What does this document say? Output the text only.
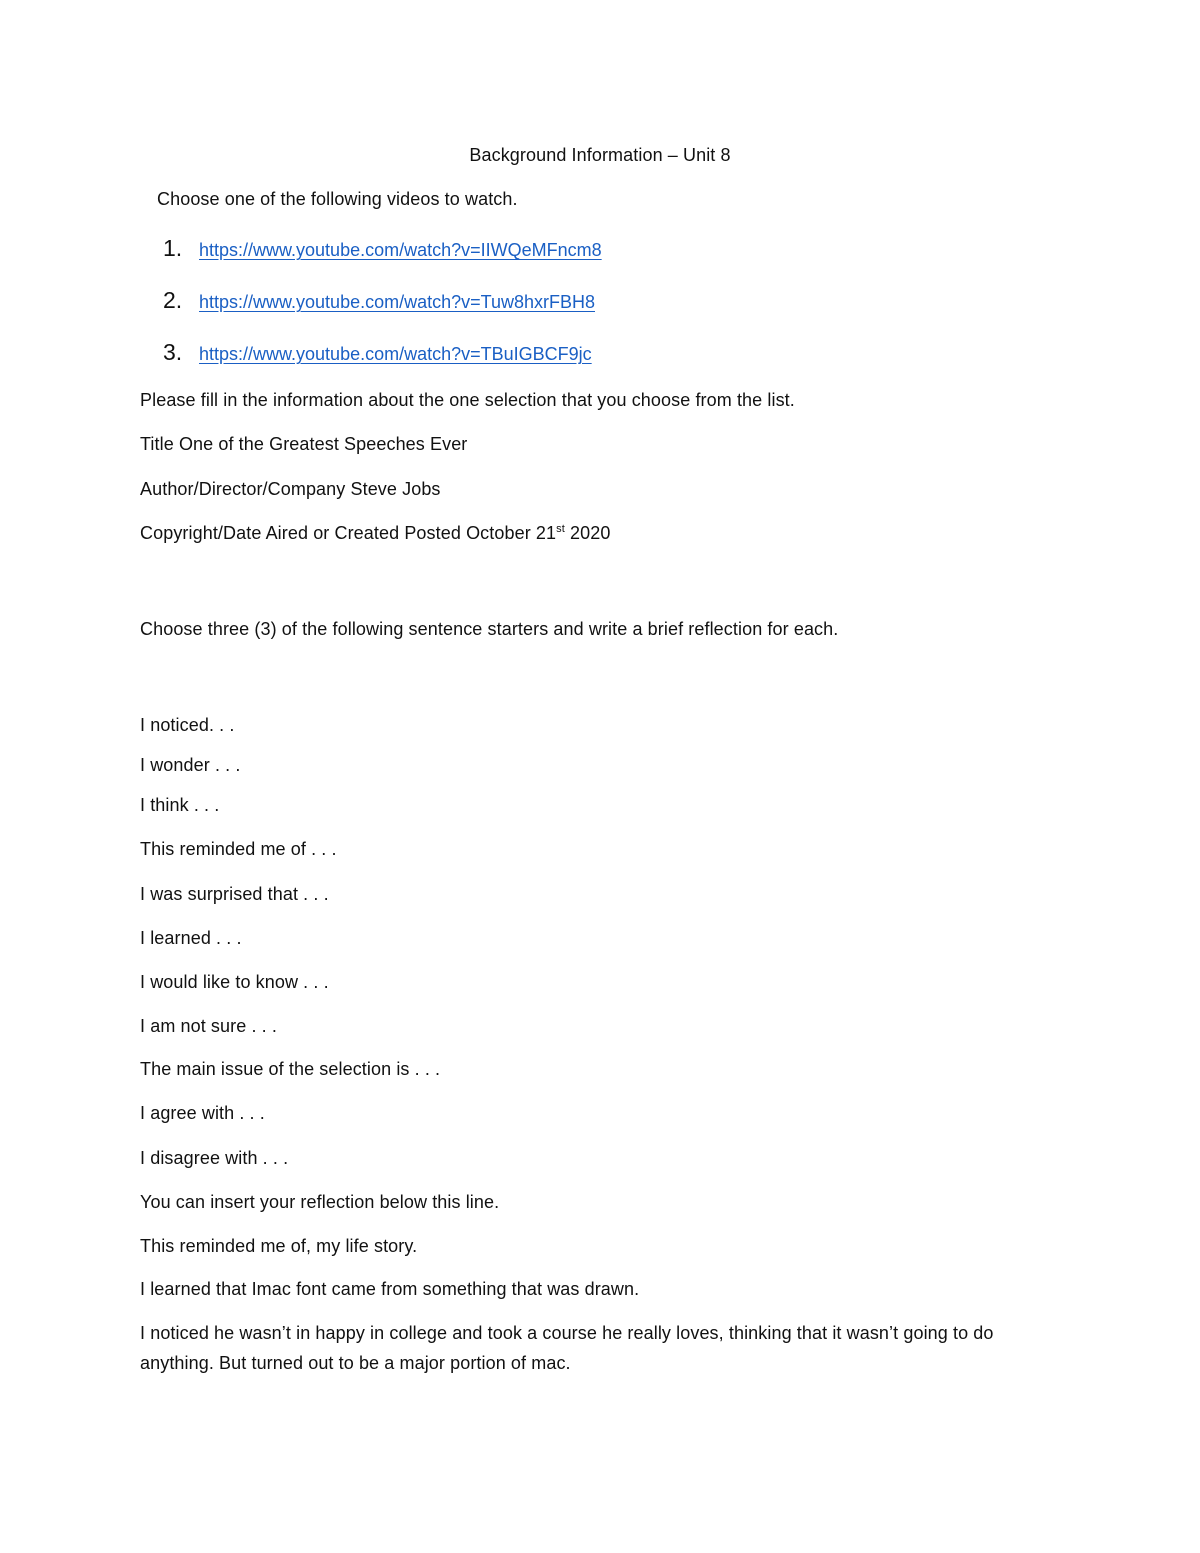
Background Information – Unit 8
Choose one of the following videos to watch.
1. https://www.youtube.com/watch?v=IIWQeMFncm8
2. https://www.youtube.com/watch?v=Tuw8hxrFBH8
3. https://www.youtube.com/watch?v=TBuIGBCF9jc
Please fill in the information about the one selection that you choose from the list.
Title One of the Greatest Speeches Ever
Author/Director/Company Steve Jobs
Copyright/Date Aired or Created Posted October 21st 2020
Choose three (3) of the following sentence starters and write a brief reflection for each.
I noticed. . .
I wonder . . .
I think . . .
This reminded me of . . .
I was surprised that . . .
I learned . . .
I would like to know . . .
I am not sure . . .
The main issue of the selection is . . .
I agree with . . .
I disagree with . . .
You can insert your reflection below this line.
This reminded me of, my life story.
I learned that Imac font came from something that was drawn.
I noticed he wasn’t in happy in college and took a course he really loves, thinking that it wasn’t going to do anything. But turned out to be a major portion of mac.
